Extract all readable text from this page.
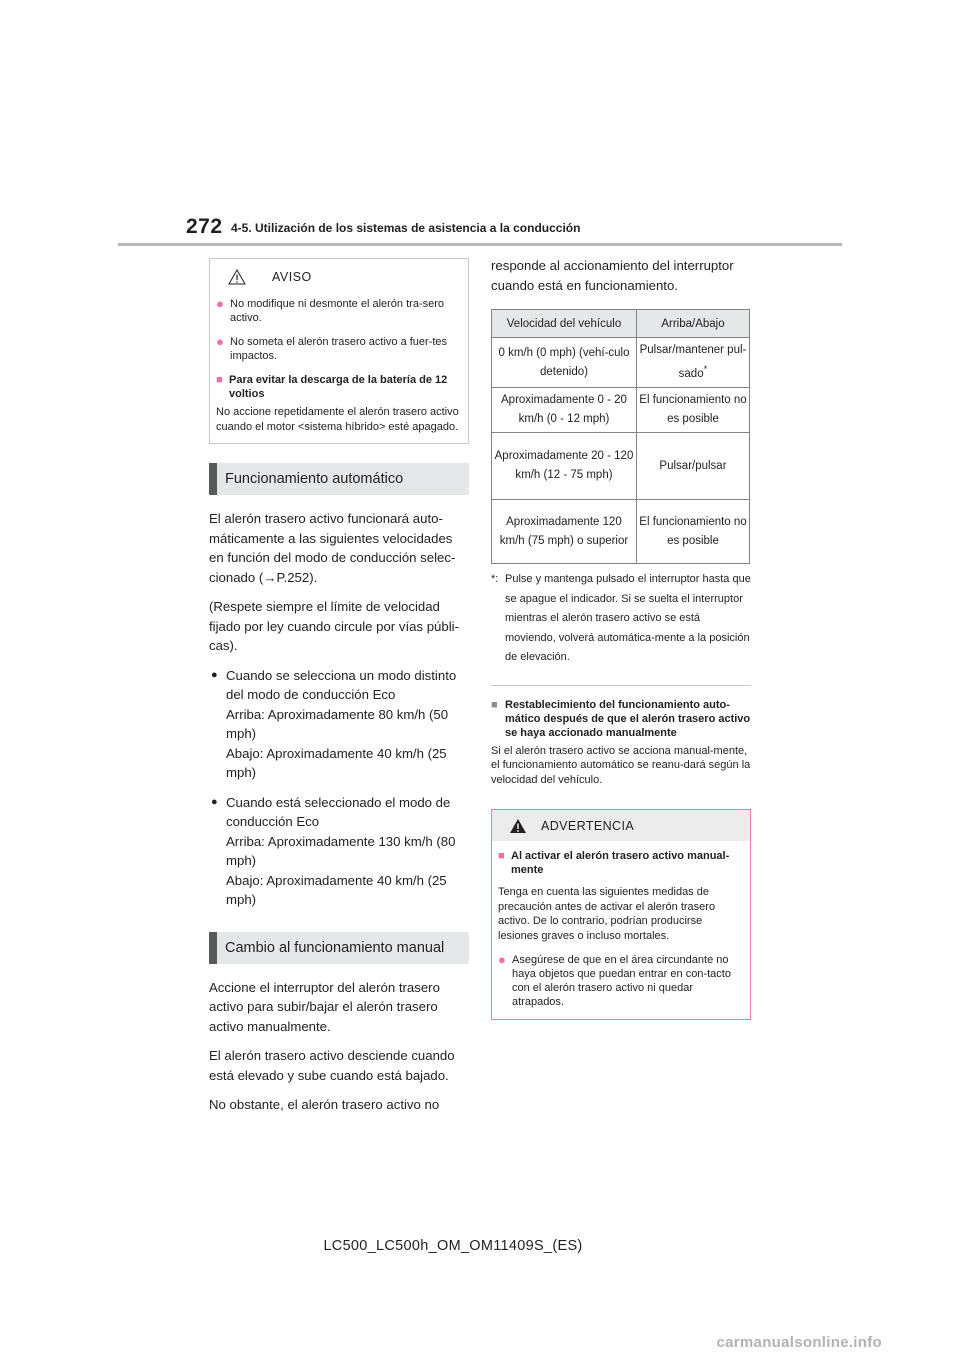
272 4-5. Utilización de los sistemas de asistencia a la conducción
AVISO
● No modifique ni desmonte el alerón tra-sero activo.
● No someta el alerón trasero activo a fuer-tes impactos.
■ Para evitar la descarga de la batería de 12 voltios
No accione repetidamente el alerón trasero activo cuando el motor <sistema híbrido> esté apagado.
Funcionamiento automático
El alerón trasero activo funcionará auto-máticamente a las siguientes velocidades en función del modo de conducción selec-cionado (→P.252).
(Respete siempre el límite de velocidad fijado por ley cuando circule por vías públi-cas).
● Cuando se selecciona un modo distinto del modo de conducción Eco
Arriba: Aproximadamente 80 km/h (50 mph)
Abajo: Aproximadamente 40 km/h (25 mph)
● Cuando está seleccionado el modo de conducción Eco
Arriba: Aproximadamente 130 km/h (80 mph)
Abajo: Aproximadamente 40 km/h (25 mph)
Cambio al funcionamiento manual
Accione el interruptor del alerón trasero activo para subir/bajar el alerón trasero activo manualmente.
El alerón trasero activo desciende cuando está elevado y sube cuando está bajado.
No obstante, el alerón trasero activo no
responde al accionamiento del interruptor cuando está en funcionamiento.
Velocidad del vehículo	Arriba/Abajo
0 km/h (0 mph) (vehí-culo detenido)	Pulsar/mantener pul-sado*
Aproximadamente 0 - 20 km/h (0 - 12 mph)	El funcionamiento no es posible
Aproximadamente 20 - 120 km/h (12 - 75 mph)	Pulsar/pulsar
Aproximadamente 120 km/h (75 mph) o superior	El funcionamiento no es posible
*: Pulse y mantenga pulsado el interruptor hasta que se apague el indicador. Si se suelta el interruptor mientras el alerón trasero activo se está moviendo, volverá automática-mente a la posición de elevación.
■ Restablecimiento del funcionamiento auto-mático después de que el alerón trasero activo se haya accionado manualmente
Si el alerón trasero activo se acciona manual-mente, el funcionamiento automático se reanu-dará según la velocidad del vehículo.
ADVERTENCIA
■ Al activar el alerón trasero activo manual-mente
Tenga en cuenta las siguientes medidas de precaución antes de activar el alerón trasero activo. De lo contrario, podrían producirse lesiones graves o incluso mortales.
● Asegúrese de que en el área circundante no haya objetos que puedan entrar en con-tacto con el alerón trasero activo ni quedar atrapados.
LC500_LC500h_OM_OM11409S_(ES)
carmanualsonline.info
